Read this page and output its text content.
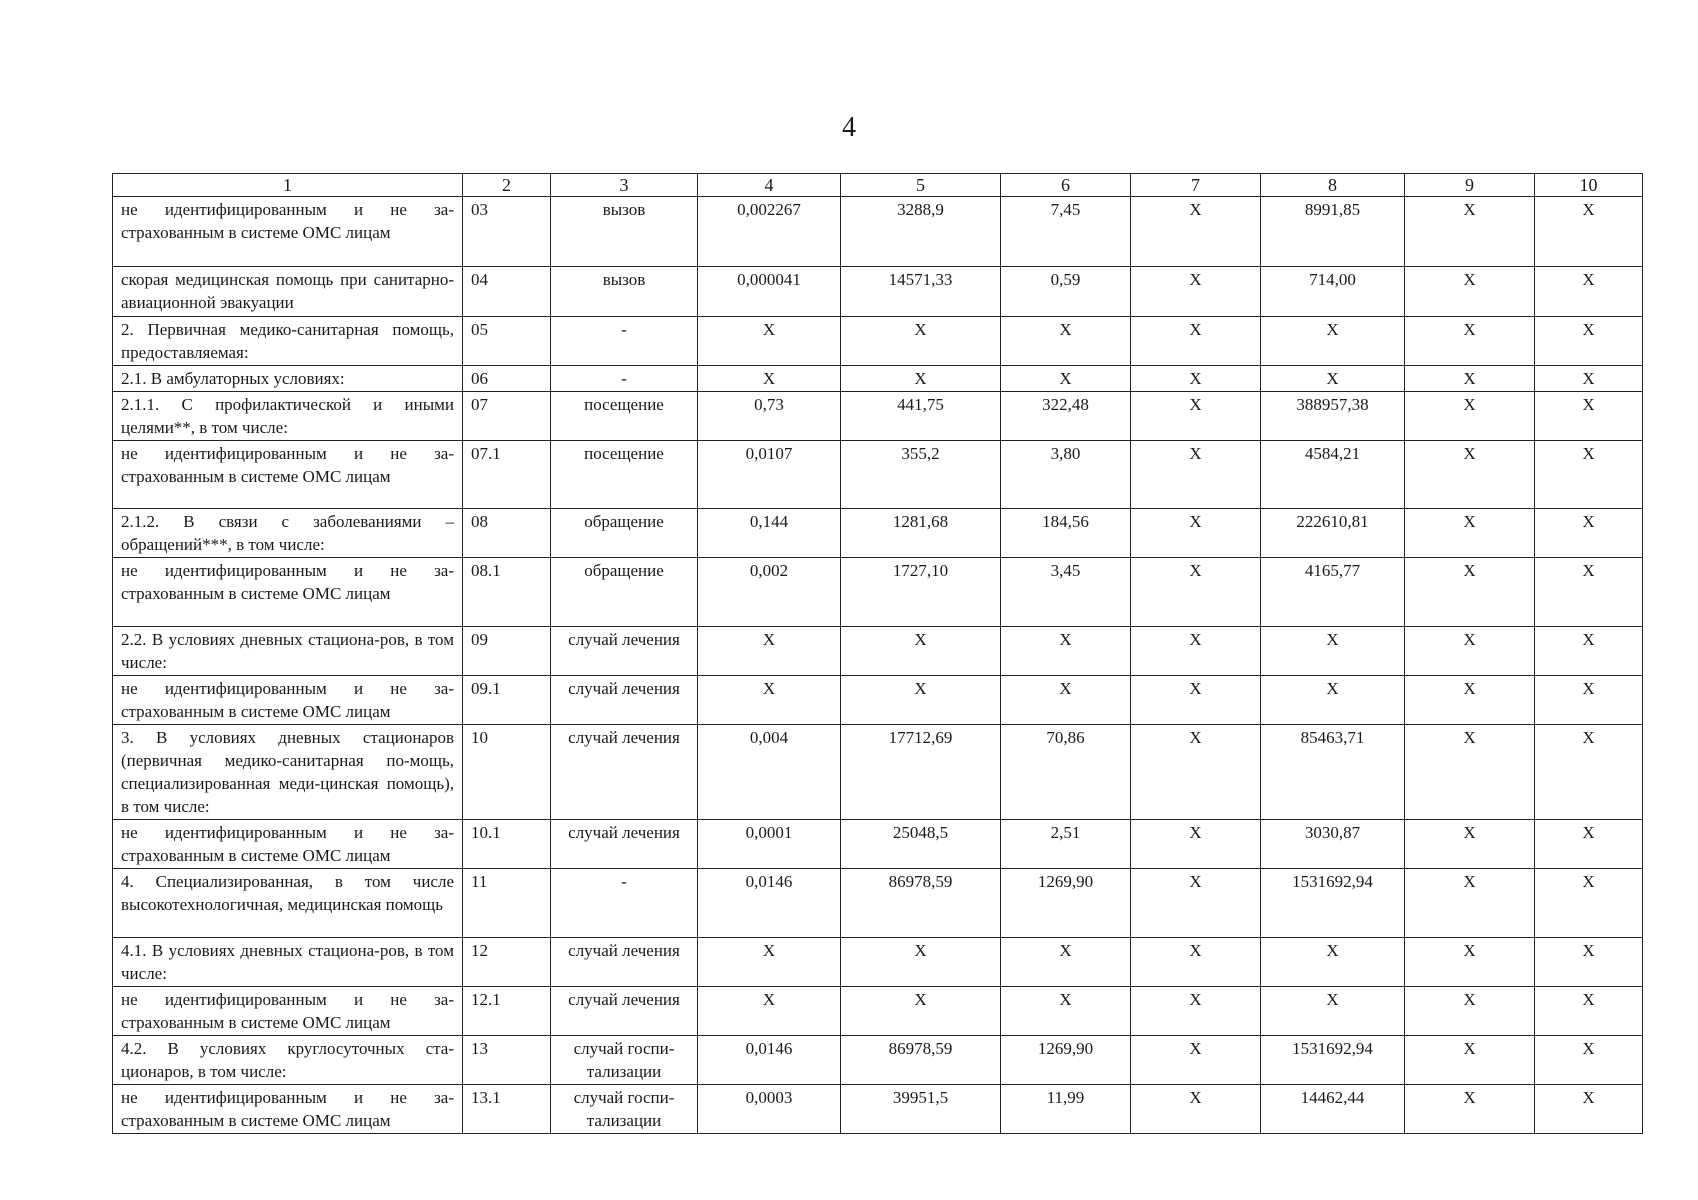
4
1	2	3	4	5	6	7	8	9	10
не идентифицированным и не за-страхованным в системе ОМС лицам	03	вызов	0,002267	3288,9	7,45	X	8991,85	X	X
скорая медицинская помощь при санитарно-авиационной эвакуации	04	вызов	0,000041	14571,33	0,59	X	714,00	X	X
2. Первичная медико-санитарная помощь, предоставляемая:	05	-	X	X	X	X	X	X	X
2.1. В амбулаторных условиях:	06	-	X	X	X	X	X	X	X
2.1.1. С профилактической и иными целями**, в том числе:	07	посещение	0,73	441,75	322,48	X	388957,38	X	X
не идентифицированным и не за-страхованным в системе ОМС лицам	07.1	посещение	0,0107	355,2	3,80	X	4584,21	X	X
2.1.2. В связи с заболеваниями – обращений***, в том числе:	08	обращение	0,144	1281,68	184,56	X	222610,81	X	X
не идентифицированным и не за-страхованным в системе ОМС лицам	08.1	обращение	0,002	1727,10	3,45	X	4165,77	X	X
2.2. В условиях дневных стациона-ров, в том числе:	09	случай лечения	X	X	X	X	X	X	X
не идентифицированным и не за-страхованным в системе ОМС лицам	09.1	случай лечения	X	X	X	X	X	X	X
3. В условиях дневных стационаров (первичная медико-санитарная по-мощь, специализированная меди-цинская помощь), в том числе:	10	случай лечения	0,004	17712,69	70,86	X	85463,71	X	X
не идентифицированным и не за-страхованным в системе ОМС лицам	10.1	случай лечения	0,0001	25048,5	2,51	X	3030,87	X	X
4. Специализированная, в том числе высокотехнологичная, медицинская помощь	11	-	0,0146	86978,59	1269,90	X	1531692,94	X	X
4.1. В условиях дневных стациона-ров, в том числе:	12	случай лечения	X	X	X	X	X	X	X
не идентифицированным и не за-страхованным в системе ОМС лицам	12.1	случай лечения	X	X	X	X	X	X	X
4.2. В условиях круглосуточных ста-ционаров, в том числе:	13	случай госпи-тализации	0,0146	86978,59	1269,90	X	1531692,94	X	X
не идентифицированным и не за-страхованным в системе ОМС лицам	13.1	случай госпи-тализации	0,0003	39951,5	11,99	X	14462,44	X	X
